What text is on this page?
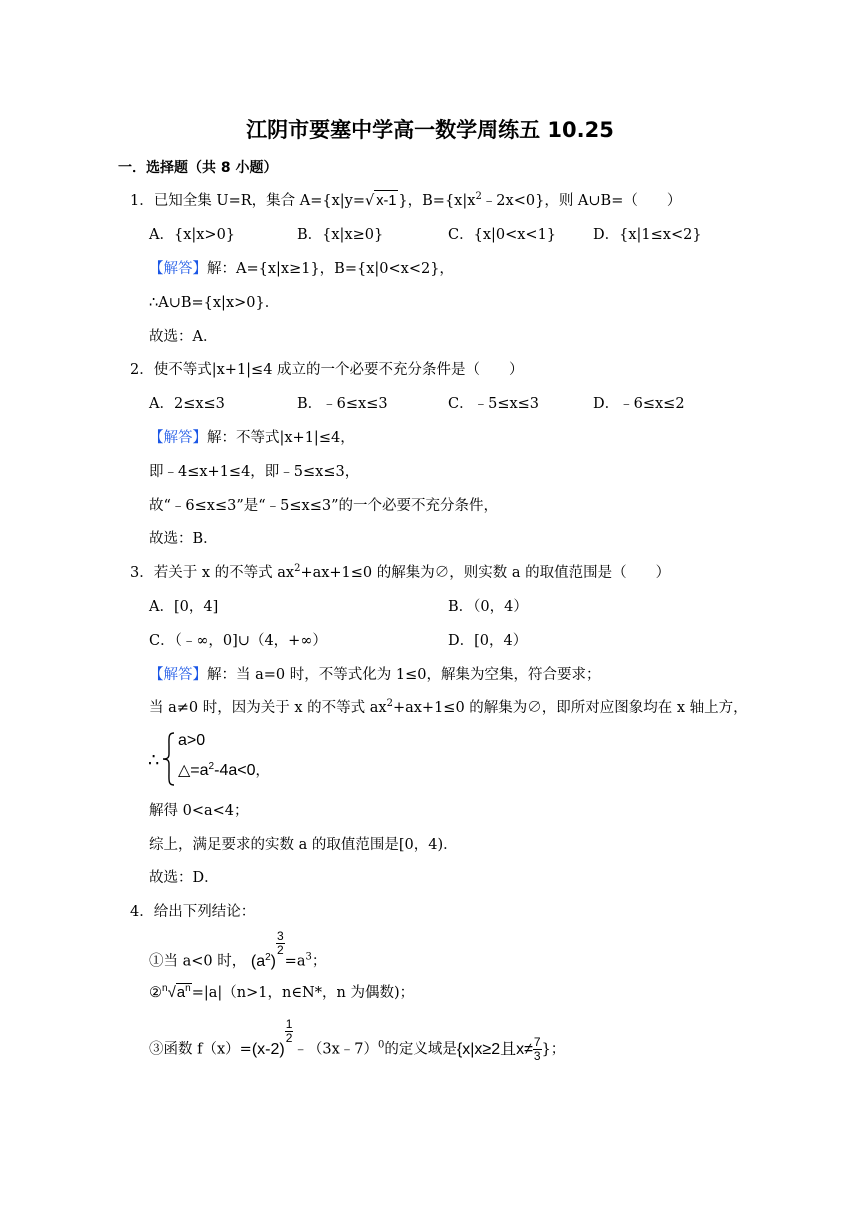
江阴市要塞中学高一数学周练五 10.25
一．选择题（共 8 小题）
1．已知全集 U=R，集合 A={x|y=√ x-1 }，$B=\{x|x^2﹣2x<0\}$，则 A∪B=（　　）
A．{x|x>0}	B．{x|x≥0}	C．{x|0<x<1}	D．{x|1≤x<2}
【解答】解：A={x|x≥1}，B={x|0<x<2}，
∴A∪B={x|x>0}．
故选：A．
2．使不等式|x+1|≤4 成立的一个必要不充分条件是（　　）
A．2≤x≤3	B．﹣6≤x≤3	C．﹣5≤x≤3	D．﹣6≤x≤2
【解答】解：不等式|x+1|≤4，
即﹣4≤x+1≤4，即﹣5≤x≤3，
故“﹣6≤x≤3”是“﹣5≤x≤3”的一个必要不充分条件，
故选：B．
3．若关于 x 的不等式 $ax^2+ax+1\le 0$ 的解集为∅，则实数 a 的取值范围是（　　）
A．[0，4]	B．（0，4）
C．（﹣∞，0]∪（4，+∞）	D．[0，4）
【解答】解：当 a=0 时，不等式化为 1≤0，解集为空集，符合要求；
当 a≠0 时，因为关于 x 的不等式 $ax^2+ax+1\le 0$ 的解集为∅，即所对应图象均在 x 轴上方，
∴
a>0
$\triangle=a^2-4a<0$，
解得 0<a<4；
综上，满足要求的实数 a 的取值范围是[0，4)．
故选：D．
4．给出下列结论：
①当 a<0 时， $(a^2)$
$\frac{3}{2}$
$=a^3$；
$②^n√a^n=|a|(n>1$，n∈N*，n 为偶数)；
③函数 f（x）=(x-2)
$\frac{1}{2}$
﹣（3x﹣7）$^0$的定义域是{x|x≥2且$x\ne \frac{7}{3}$ }；
